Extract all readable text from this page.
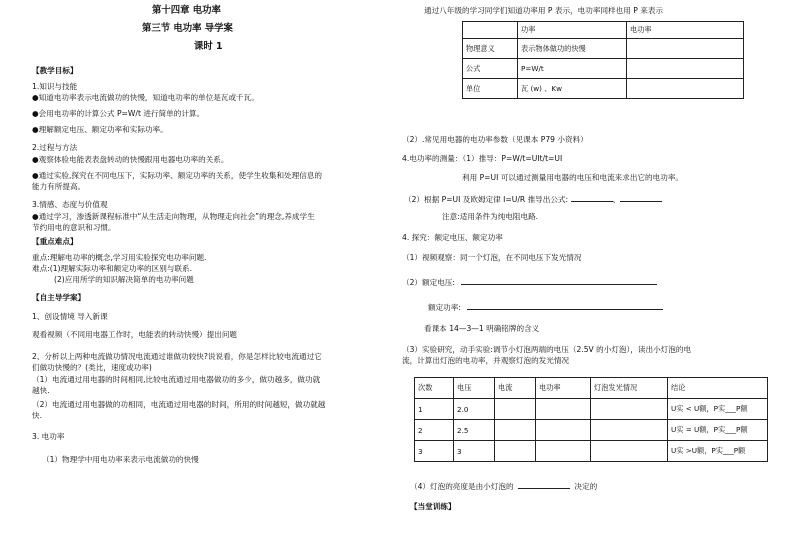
第十四章 电功率
第三节 电功率 导学案
课时 1
【教学目标】
1.知识与技能
●知道电功率表示电流做功的快慢，知道电功率的单位是瓦或千瓦。
●会用电功率的计算公式 P=W/t 进行简单的计算。
●理解额定电压、额定功率和实际功率。
2.过程与方法
●观察体验电能表表盘转动的快慢跟用电器电功率的关系。
●通过实验,探究在不同电压下，实际功率、额定功率的关系，使学生收集和处理信息的
能力有所提高。
3.情感、态度与价值观
●通过学习，渗透新课程标准中“从生活走向物理，从物理走向社会”的理念,养成学生
节约用电的意识和习惯。
【重点难点】
重点:理解电功率的概念,学习用实验探究电功率问题.
难点:(1)理解实际功率和额定功率的区别与联系.
(2)应用所学的知识解决简单的电功率问题
【自主导学案】
1、创设情境 导入新课
观看视频（不同用电器工作时，电能表的转动快慢）提出问题
2、分析以上两种电流做功情况电流通过谁做功较快?说说看，你是怎样比较电流通过它
们做功快慢的？(类比，速度或功率)
（1）电流通过用电器的时间相同,比较电流通过用电器做功的多少，做功越多，做功就
越快.
（2）电流通过用电器做的功相同，电流通过用电器的时间，所用的时间越短，做功就越
快.
3. 电功率
（1）物理学中用电功率来表示电流做功的快慢
通过八年级的学习同学们知道功率用 P 表示，电功率同样也用 P 来表示
	功率	电功率
物理意义	表示物体做功的快慢	
公式	P=W/t	
单位	瓦 (w) 、Kw	
（2）.常见用电器的电功率参数（见课本 P79 小资料）
4.电功率的测量：（1）推导：P=W/t=UIt/t=UI
利用 P=UI 可以通过测量用电器的电压和电流来求出它的电功率。
（2）根据 P=UI 及欧姆定律 I=U/R 推导出公式:	、
注意:适用条件为纯电阻电路.
4. 探究：额定电压、额定功率
（1）视频观察：同一个灯泡，在不同电压下发光情况
（2）额定电压:
额定功率:
看课本 14—3—1 明确铭牌的含义
（3）实验研究，动手实验:调节小灯泡两端的电压（2.5V 的小灯泡），读出小灯泡的电
流，计算出灯泡的电功率，并观察灯泡的发光情况
次数	电压	电流	电功率	灯泡发光情况	结论
1	2.0				U实 < U额，P实___P额
2	2.5				U实 = U额，P实___P额
3	3				U实 >U额，P实___P额
（4）灯泡的亮度是由小灯泡的	决定的
【当堂训练】
